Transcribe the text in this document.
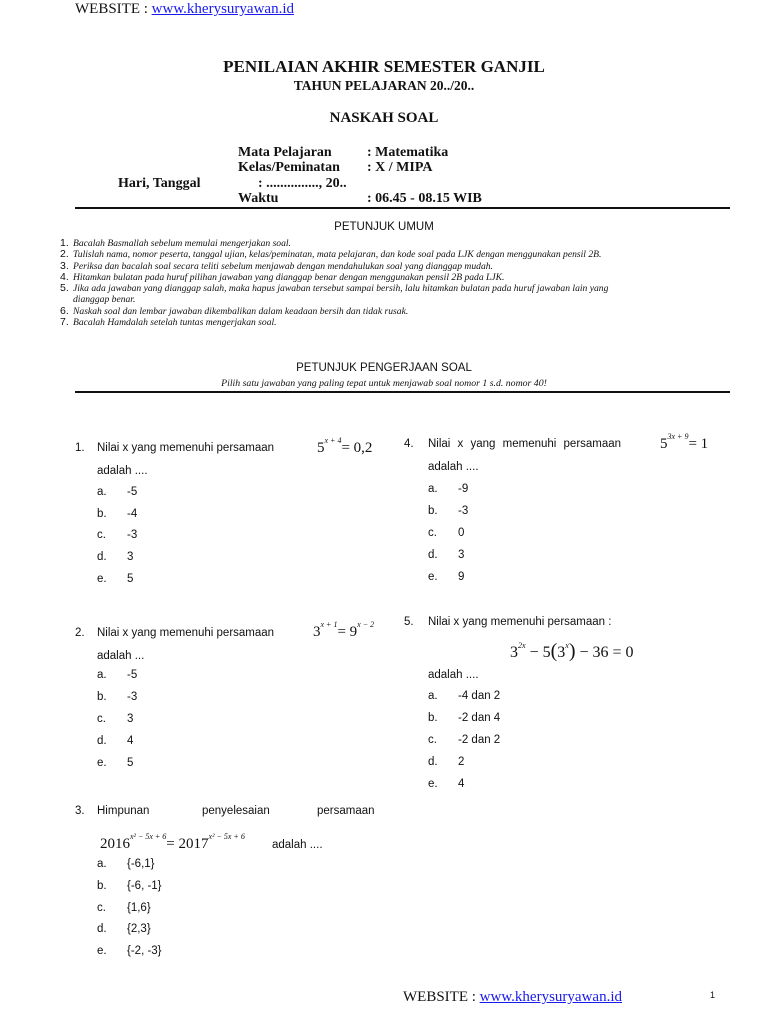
WEBSITE : www.kherysuryawan.id
PENILAIAN AKHIR SEMESTER GANJIL
TAHUN PELAJARAN 20../20..
NASKAH SOAL
Mata Pelajaran	: Matematika
Kelas/Peminatan : X / MIPA
Hari, Tanggal	: ..............., 20..
Waktu	: 06.45 - 08.15 WIB
PETUNJUK UMUM
1. Bacalah Basmallah sebelum memulai mengerjakan soal.
2. Tulislah nama, nomor peserta, tanggal ujian, kelas/peminatan, mata pelajaran, dan kode soal pada LJK dengan menggunakan pensil 2B.
3. Periksa dan bacalah soal secara teliti sebelum menjawab dengan mendahulukan soal yang dianggap mudah.
4. Hitamkan bulatan pada huruf pilihan jawaban yang dianggap benar dengan menggunakan pensil 2B pada LJK.
5. Jika ada jawaban yang dianggap salah, maka hapus jawaban tersebut sampai bersih, lalu hitamkan bulatan pada huruf jawaban lain yang
dianggap benar.
6. Naskah soal dan lembar jawaban dikembalikan dalam keadaan bersih dan tidak rusak.
7. Bacalah Hamdalah setelah tuntas mengerjakan soal.
PETUNJUK PENGERJAAN SOAL
Pilih satu jawaban yang paling tepat untuk menjawab soal nomor 1 s.d. nomor 40!
1. Nilai x yang memenuhi persamaan	$5^{x + 4}= 0,2$
adalah ....
a. -5
b. -4
c. -3
d. 3
e. 5
2. Nilai x yang memenuhi persamaan	$3^{x + 1}= 9^{x - 2}$
adalah ...
a. -5
b. -3
c. 3
d. 4
e. 5
3. Himpunan	penyelesaian	persamaan
$2016^{x^2 - 5x + 6}= 2017^{x^2 - 5x + 6}$
adalah ....
a. {-6,1}
b. {-6, -1}
c. {1,6}
d. {2,3}
e. {-2, -3}
4. Nilai x yang memenuhi persamaan	$5^{3x + 9}= 1$
adalah ....
a. -9
b. -3
c. 0
d. 3
e. 9
5. Nilai x yang memenuhi persamaan :
$3^{2x} - 5(3^x) - 36 = 0$
adalah ....
a. -4 dan 2
b. -2 dan 4
c. -2 dan 2
d. 2
e. 4
WEBSITE : www.kherysuryawan.id	1
